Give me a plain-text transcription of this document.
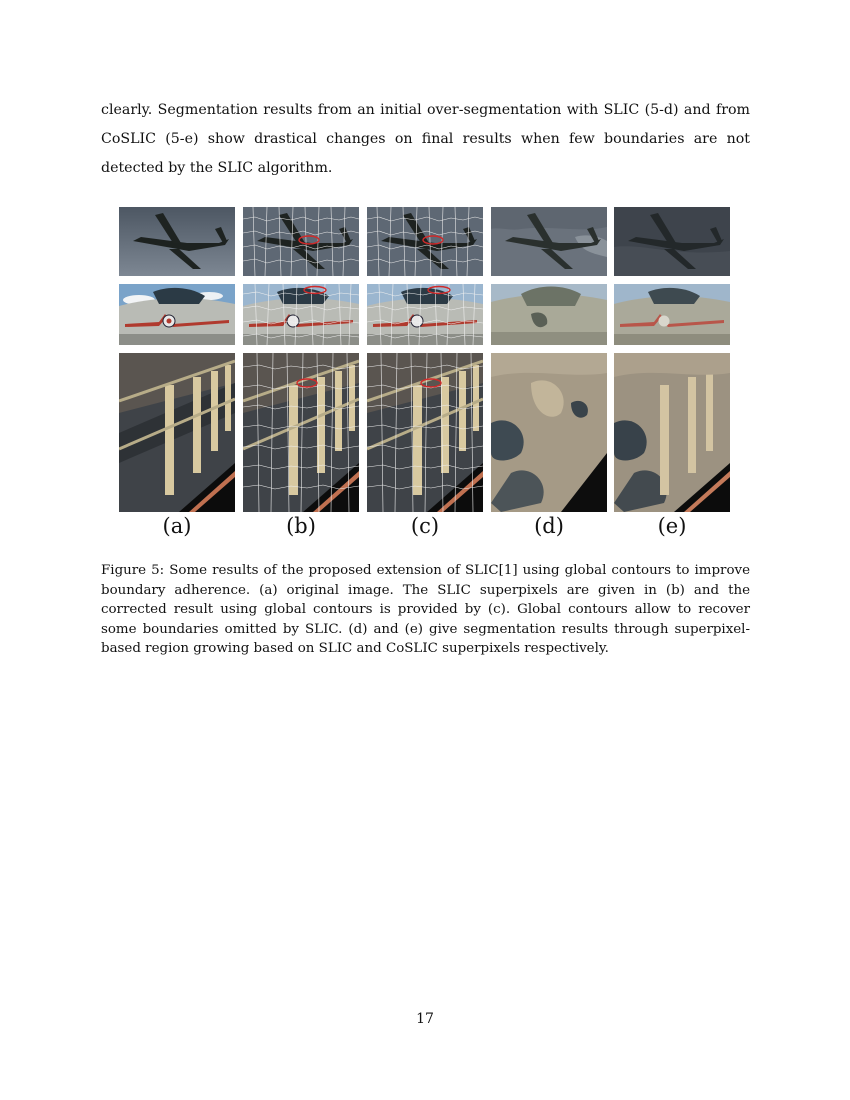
clearly. Segmentation results from an initial over-segmentation with SLIC (5-d) and from CoSLIC (5-e) show drastical changes on final results when few boundaries are not detected by the SLIC algorithm.

(a)	(b)	(c)	(d)	(e)

Figure 5: Some results of the proposed extension of SLIC[1] using global contours to improve boundary adherence. (a) original image. The SLIC superpixels are given in (b) and the corrected result using global contours is provided by (c). Global contours allow to recover some boundaries omitted by SLIC. (d) and (e) give segmentation results through superpixel-based region growing based on SLIC and CoSLIC superpixels respectively.

17
